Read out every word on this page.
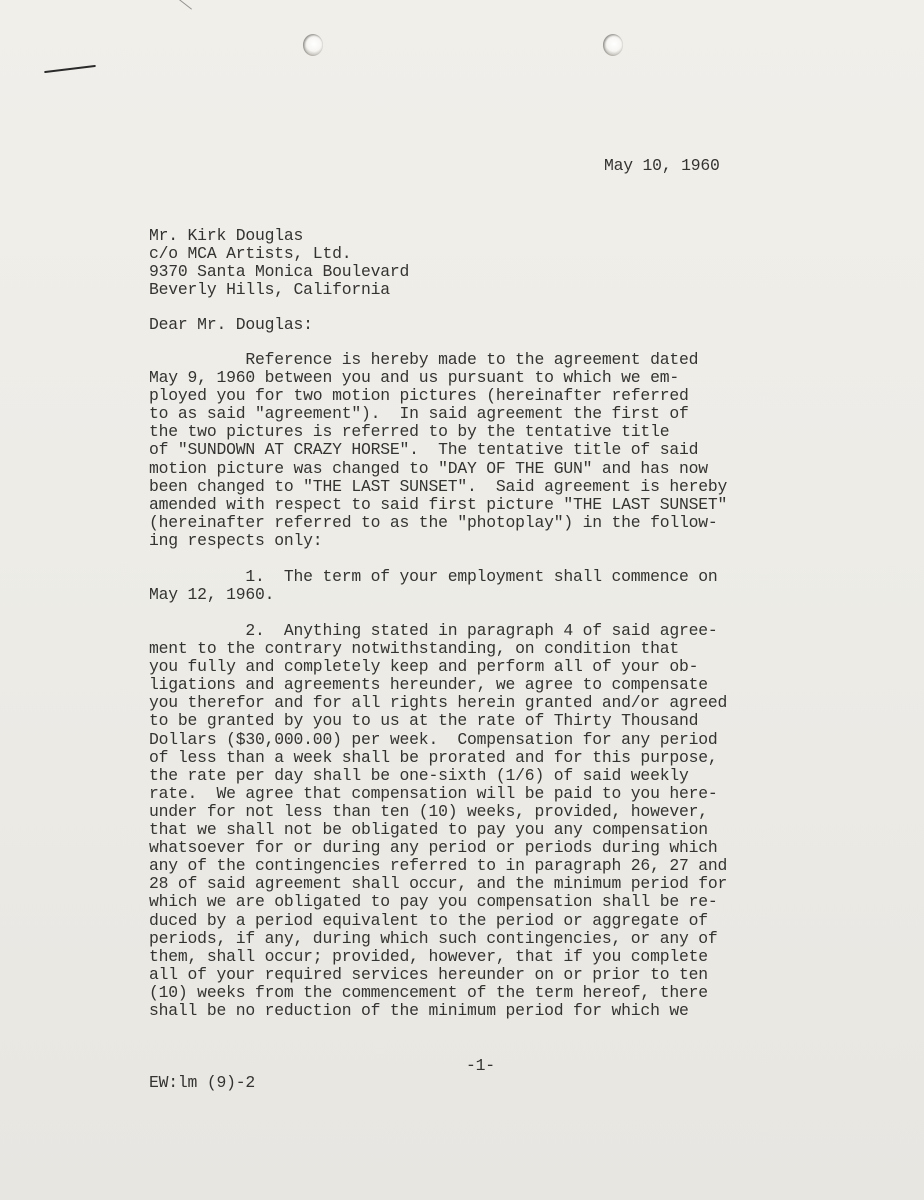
May 10, 1960
Mr. Kirk Douglas
c/o MCA Artists, Ltd.
9370 Santa Monica Boulevard
Beverly Hills, California
Dear Mr. Douglas:
Reference is hereby made to the agreement dated
May 9, 1960 between you and us pursuant to which we em-
ployed you for two motion pictures (hereinafter referred
to as said "agreement").  In said agreement the first of
the two pictures is referred to by the tentative title
of "SUNDOWN AT CRAZY HORSE".  The tentative title of said
motion picture was changed to "DAY OF THE GUN" and has now
been changed to "THE LAST SUNSET".  Said agreement is hereby
amended with respect to said first picture "THE LAST SUNSET"
(hereinafter referred to as the "photoplay") in the follow-
ing respects only:
1.  The term of your employment shall commence on
May 12, 1960.
2.  Anything stated in paragraph 4 of said agree-
ment to the contrary notwithstanding, on condition that
you fully and completely keep and perform all of your ob-
ligations and agreements hereunder, we agree to compensate
you therefor and for all rights herein granted and/or agreed
to be granted by you to us at the rate of Thirty Thousand
Dollars ($30,000.00) per week.  Compensation for any period
of less than a week shall be prorated and for this purpose,
the rate per day shall be one-sixth (1/6) of said weekly
rate.  We agree that compensation will be paid to you here-
under for not less than ten (10) weeks, provided, however,
that we shall not be obligated to pay you any compensation
whatsoever for or during any period or periods during which
any of the contingencies referred to in paragraph 26, 27 and
28 of said agreement shall occur, and the minimum period for
which we are obligated to pay you compensation shall be re-
duced by a period equivalent to the period or aggregate of
periods, if any, during which such contingencies, or any of
them, shall occur; provided, however, that if you complete
all of your required services hereunder on or prior to ten
(10) weeks from the commencement of the term hereof, there
shall be no reduction of the minimum period for which we
-1-
EW:lm (9)-2
